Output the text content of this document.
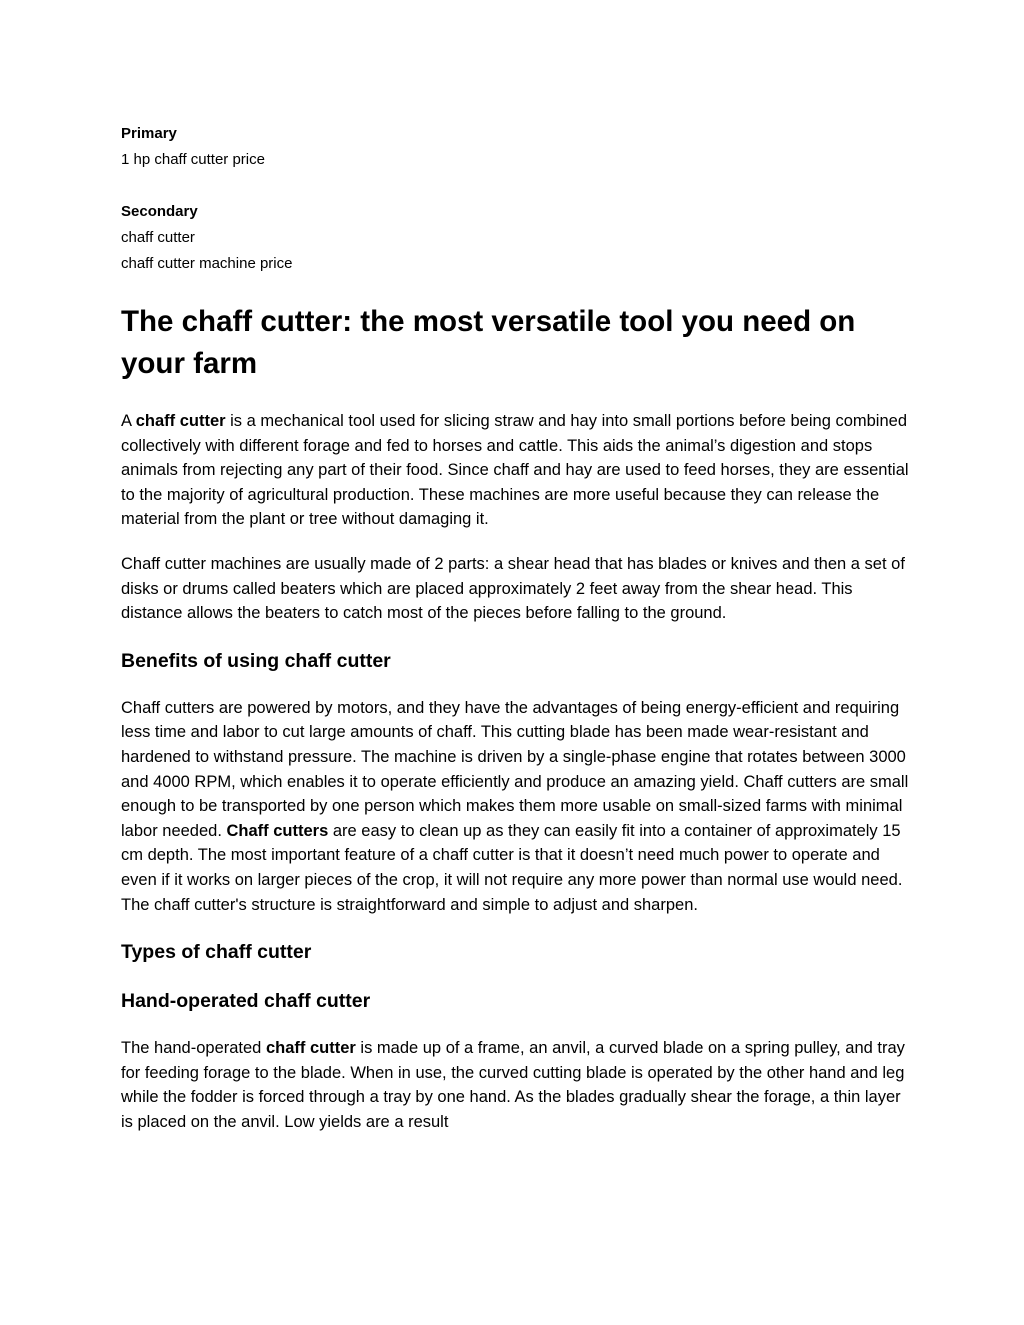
Primary
1 hp chaff cutter price
Secondary
chaff cutter
chaff cutter machine price
The chaff cutter: the most versatile tool you need on your farm

A chaff cutter is a mechanical tool used for slicing straw and hay into small portions before being combined collectively with different forage and fed to horses and cattle. This aids the animal’s digestion and stops animals from rejecting any part of their food. Since chaff and hay are used to feed horses, they are essential to the majority of agricultural production. These machines are more useful because they can release the material from the plant or tree without damaging it.

Chaff cutter machines are usually made of 2 parts: a shear head that has blades or knives and then a set of disks or drums called beaters which are placed approximately 2 feet away from the shear head. This distance allows the beaters to catch most of the pieces before falling to the ground.

Benefits of using chaff cutter

Chaff cutters are powered by motors, and they have the advantages of being energy-efficient and requiring less time and labor to cut large amounts of chaff. This cutting blade has been made wear-resistant and hardened to withstand pressure. The machine is driven by a single-phase engine that rotates between 3000 and 4000 RPM, which enables it to operate efficiently and produce an amazing yield. Chaff cutters are small enough to be transported by one person which makes them more usable on small-sized farms with minimal labor needed. Chaff cutters are easy to clean up as they can easily fit into a container of approximately 15 cm depth. The most important feature of a chaff cutter is that it doesn’t need much power to operate and even if it works on larger pieces of the crop, it will not require any more power than normal use would need. The chaff cutter's structure is straightforward and simple to adjust and sharpen.

Types of chaff cutter
Hand-operated chaff cutter

The hand-operated chaff cutter is made up of a frame, an anvil, a curved blade on a spring pulley, and tray for feeding forage to the blade. When in use, the curved cutting blade is operated by the other hand and leg while the fodder is forced through a tray by one hand. As the blades gradually shear the forage, a thin layer is placed on the anvil. Low yields are a result
